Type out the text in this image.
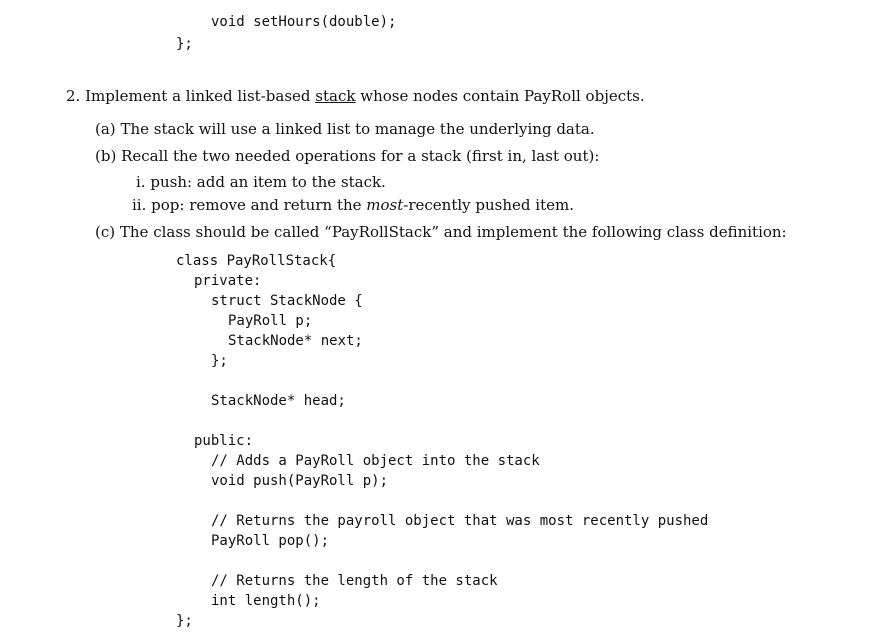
void setHours(double);
};
2. Implement a linked list-based stack whose nodes contain PayRoll objects.
(a) The stack will use a linked list to manage the underlying data.
(b) Recall the two needed operations for a stack (first in, last out):
i. push: add an item to the stack.
ii. pop: remove and return the most-recently pushed item.
(c) The class should be called “PayRollStack” and implement the following class definition:
class PayRollStack{
private:
struct StackNode {
PayRoll p;
StackNode* next;
};
StackNode* head;
public:
// Adds a PayRoll object into the stack
void push(PayRoll p);
// Returns the payroll object that was most recently pushed
PayRoll pop();
// Returns the length of the stack
int length();
};
